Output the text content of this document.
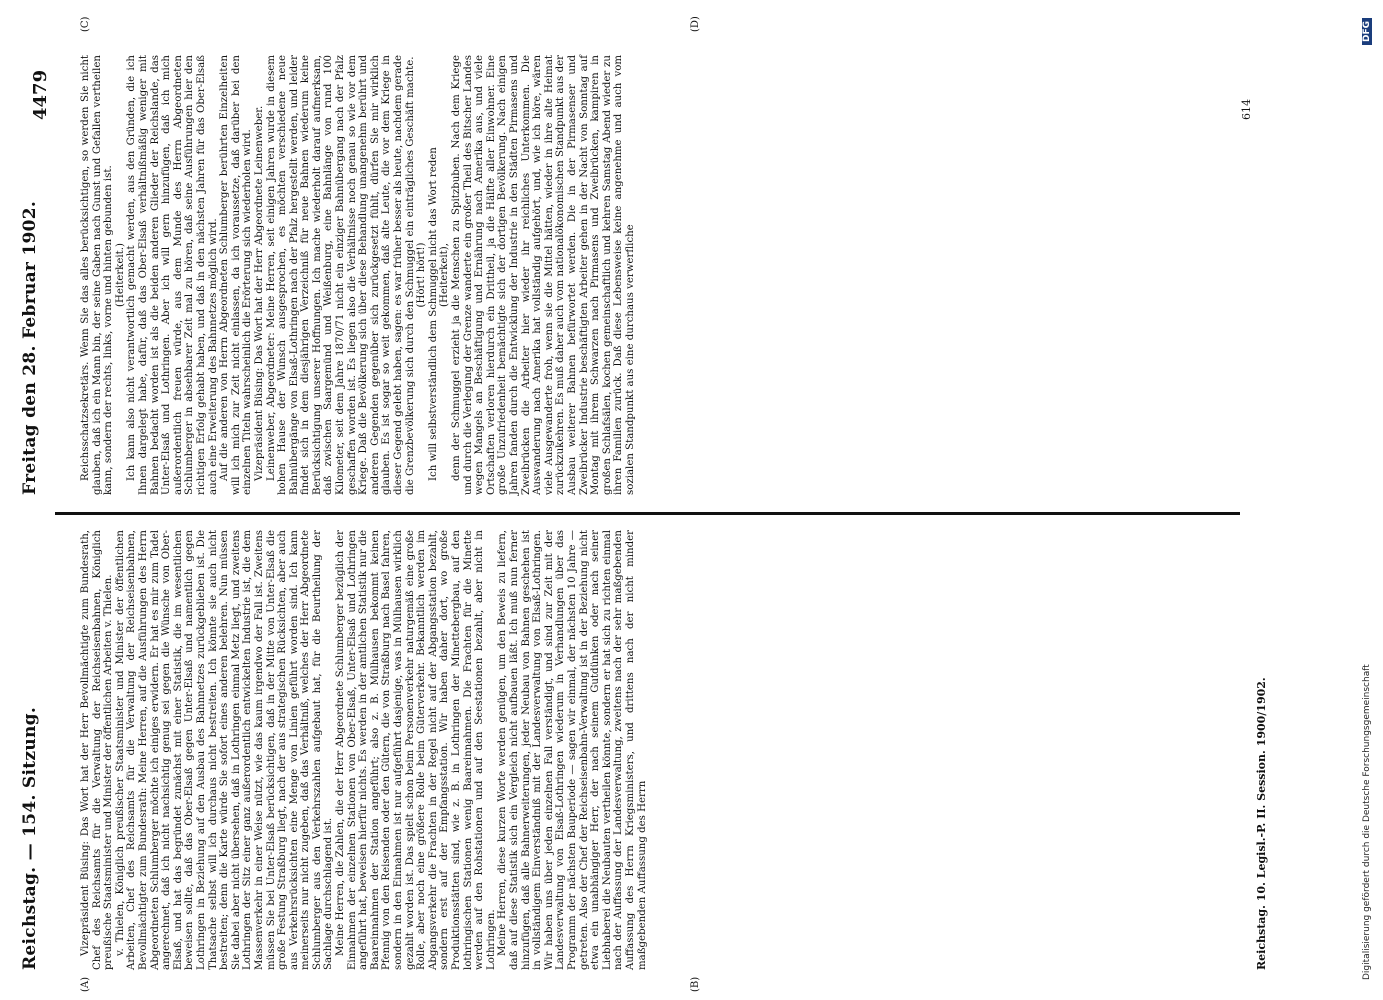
Reichstag. — 154. Sitzung.
Freitag den 28. Februar 1902.
4479
(A)	(B)
(C)	(D)

Vizepräsident Büsing: Das Wort hat der Herr Bevollmächtigte zum Bundesrath, Chef des Reichsamts für die Verwaltung der Reichseisenbahnen, Königlich preußische Staatsminister und Minister der öffentlichen Arbeiten v. Thielen. v. Thielen, Königlich preußischer Staatsminister und Minister der öffentlichen Arbeiten, Chef des Reichsamts für die Verwaltung der Reichseisenbahnen, Bevollmächtigter zum Bundesrath: Meine Herren, auf die Ausführungen des Herrn Abgeordneten Schlumberger möchte ich einiges erwidern. Er hat es mir zum Tadel angerechnet, daß ich nicht nachsichtig genug sei gegen die Wünsche von Ober-Elsaß, und hat das begründet zunächst mit einer Statistik, die im wesentlichen beweisen sollte, daß das Ober-Elsaß gegen Unter-Elsaß und namentlich gegen Lothringen in Beziehung auf den Ausbau des Bahnnetzes zurückgeblieben ist. Die Thatsache selbst will ich durchaus nicht bestreiten. Ich könnte sie auch nicht bestreiten; denn die Karte würde Sie sofort eines anderen belehren. Nun müssen Sie dabei aber nicht übersehen, daß in Lothringen einmal Metz liegt, und zweitens Lothringen der Sitz einer ganz außerordentlich entwickelten Industrie ist, die dem Massenverkehr in einer Weise nützt, wie das kaum irgendwo der Fall ist. Zweitens müssen Sie bei Unter-Elsaß berücksichtigen, daß in der Mitte von Unter-Elsaß die große Festung Straßburg liegt, nach der aus strategischen Rücksichten, aber auch aus Verkehrsrücksichten eine Menge von Linien geführt worden sind. Ich kann meinerseits nur nicht zugeben, daß das Verhältniß, welches der Herr Abgeordnete Schlumberger aus den Verkehrszahlen aufgebaut hat, für die Beurtheilung der Sachlage durchschlagend ist. Meine Herren, die Zahlen, die der Herr Abgeordnete Schlumberger bezüglich der Einnahmen der einzelnen Stationen von Ober-Elsaß, Unter-Elsaß und Lothringen angeführt hat, beweisen hierfür nichts. Es werden in der amtlichen Statistik nur die Baareinnahmen der Station angeführt; also z. B. Mülhausen bekommt keinen Pfennig von den Reisenden oder den Gütern, die von Straßburg nach Basel fahren, sondern in den Einnahmen ist nur aufgeführt dasjenige, was in Mülhausen wirklich gezahlt worden ist. Das spielt schon beim Personenverkehr naturgemäß eine große Rolle, aber noch eine größere Rolle beim Güterverkehr. Bekanntlich werden im Abgangsverkehr die Frachten in der Regel nicht auf der Abgangsstation bezahlt, sondern erst auf der Empfangsstation. Wir haben daher dort, wo große Produktionsstätten sind, wie z. B. in Lothringen der Minettebergbau, auf den lothringischen Stationen wenig Baareinnahmen. Die Frachten für die Minette werden auf den Rohstationen und auf den Seestationen bezahlt, aber nicht in Lothringen. Meine Herren, diese kurzen Worte werden genügen, um den Beweis zu liefern, daß auf diese Statistik sich ein Vergleich nicht aufbauen läßt. Ich muß nun ferner hinzufügen, daß alle Bahnerweiterungen, jeder Neubau von Bahnen geschehen ist in vollständigem Einverständniß mit der Landesverwaltung von Elsaß-Lothringen. Wir haben uns über jeden einzelnen Fall verständigt, und sind zur Zeit mit der Landesverwaltung von Elsaß-Lothringen wiederum in Verhandlungen über das Programm der nächsten Bauperiode — sagen wir einmal, der nächsten 10 Jahre — getreten. Also der Chef der Reichseisenbahn-Verwaltung ist in der Beziehung nicht etwa ein unabhängiger Herr, der nach seinem Gutdünken oder nach seiner Liebhaberei die Neubauten vertheilen könnte, sondern er hat sich zu richten einmal nach der Auffassung der Landesverwaltung, zweitens nach der sehr maßgebenden Auffassung des Herrn Kriegsministers, und drittens nach der nicht minder maßgebenden Auffassung des Herrn

Reichsschatzsekretärs. Wenn Sie das alles berücksichtigen, so werden Sie nicht glauben, daß ich ein Mann bin, der seine Gaben nach Gunst und Gefallen vertheilen kann, sondern der rechts, links, vorne und hinten gebunden ist. (Heiterkeit.) Ich kann also nicht verantwortlich gemacht werden, aus den Gründen, die ich Ihnen dargelegt habe, dafür, daß das Ober-Elsaß verhältnißmäßig weniger mit Bahnen bedacht worden ist als die beiden anderen Glieder der Reichslande, das Unter-Elsaß und Lothringen. Aber ich will gern hinzufügen, daß ich mich außerordentlich freuen würde, aus dem Munde des Herrn Abgeordneten Schlumberger in absehbarer Zeit mal zu hören, daß seine Ausführungen hier den richtigen Erfolg gehabt haben, und daß in den nächsten Jahren für das Ober-Elsaß auch eine Erweiterung des Bahnnetzes möglich wird. Auf die anderen von Herrn Abgeordneten Schlumberger berührten Einzelheiten will ich mich zur Zeit nicht einlassen, da ich voraussetze, daß darüber bei den einzelnen Titeln wahrscheinlich die Erörterung sich wiederholen wird. Vizepräsident Büsing: Das Wort hat der Herr Abgeordnete Leinenweber. Leinenweber, Abgeordneter: Meine Herren, seit einigen Jahren wurde in diesem hohen Hause der Wunsch ausgesprochen, es möchten verschiedene neue Bahnübergänge von Elsaß-Lothringen nach der Pfalz hergestellt werden, und leider findet sich in dem diesjährigen Verzeichniß für neue Bahnen wiederum keine Berücksichtigung unserer Hoffnungen. Ich mache wiederholt darauf aufmerksam, daß zwischen Saargemünd und Weißenburg, eine Bahnlänge von rund 100 Kilometer, seit dem Jahre 1870/71 nicht ein einziger Bahnübergang nach der Pfalz geschaffen worden ist. Es liegen also die Verhältnisse noch genau so wie vor dem Kriege. Daß die Bevölkerung sich über diese Behandlung unangenehm berührt und anderen Gegenden gegenüber sich zurückgesetzt fühlt, dürfen Sie mir wirklich glauben. Es ist sogar so weit gekommen, daß alte Leute, die vor dem Kriege in dieser Gegend gelebt haben, sagen: es war früher besser als heute, nachdem gerade die Grenzbevölkerung sich durch den Schmuggel ein einträgliches Geschäft machte. (Hört! hört!) Ich will selbstverständlich dem Schmuggel nicht das Wort reden (Heiterkeit), denn der Schmuggel erzieht ja die Menschen zu Spitzbuben. Nach dem Kriege und durch die Verlegung der Grenze wanderte ein großer Theil des Bitscher Landes wegen Mangels an Beschäftigung und Ernährung nach Amerika aus, und viele Ortschaften verloren hierdurch ein Drittheil, ja die Hälfte aller Einwohner. Eine große Unzufriedenheit bemächtigte sich der dortigen Bevölkerung. Nach einigen Jahren fanden durch die Entwicklung der Industrie in den Städten Pirmasens und Zweibrücken die Arbeiter hier wieder ihr reichliches Unterkommen. Die Auswanderung nach Amerika hat vollständig aufgehört, und, wie ich höre, wären viele Ausgewanderte froh, wenn sie die Mittel hätten, wieder in ihre alte Heimat zurückzukehren. Es muß daher auch vom nationalökonomischen Standpunkt aus der Ausbau weiterer Bahnen befürwortet werden. Die in der Pirmasenser und Zweibrücker Industrie beschäftigten Arbeiter gehen in der Nacht von Sonntag auf Montag mit ihrem Schwarzen nach Pirmasens und Zweibrücken, kampiren in großen Schlafsälen, kochen gemeinschaftlich und kehren Samstag Abend wieder zu ihren Familien zurück. Daß diese Lebensweise keine angenehme und auch vom sozialen Standpunkt aus eine durchaus verwerfliche

Reichstag. 10. Legisl.-P. II. Session. 1900/1902.
614
Digitalisierung gefördert durch die Deutsche Forschungsgemeinschaft
DFG
